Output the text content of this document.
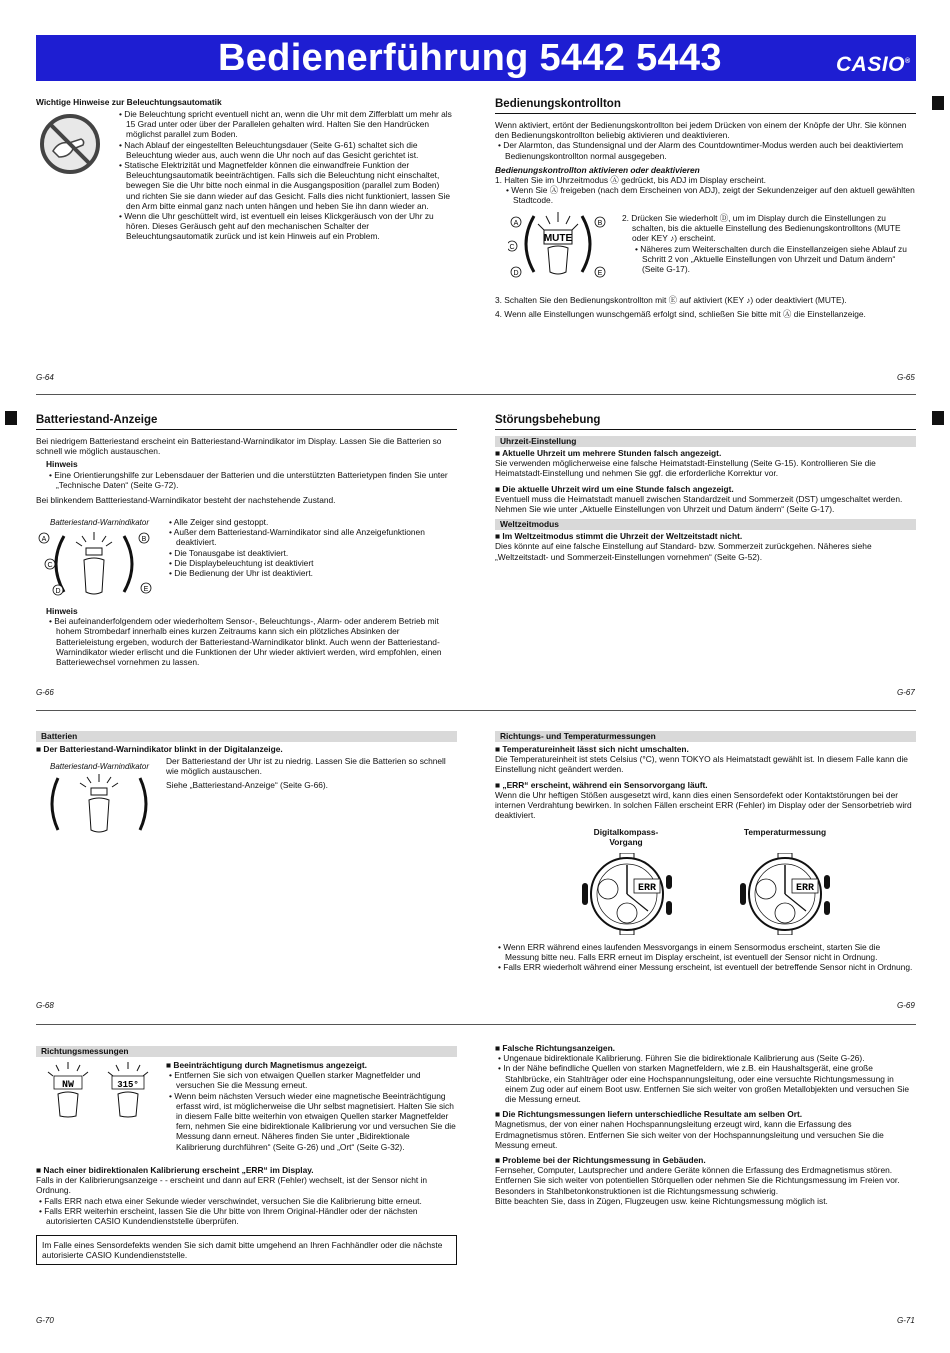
Bedienerführung 5442 5443	CASIO®
Wichtige Hinweise zur Beleuchtungsautomatik

• Die Beleuchtung spricht eventuell nicht an, wenn die Uhr mit dem Zifferblatt um mehr als 15 Grad unter oder über der Parallelen gehalten wird. Halten Sie den Handrücken möglichst parallel zum Boden.

• Nach Ablauf der eingestellten Beleuchtungsdauer (Seite G-61) schaltet sich die Beleuchtung wieder aus, auch wenn die Uhr noch auf das Gesicht gerichtet ist.

• Statische Elektrizität und Magnetfelder können die einwandfreie Funktion der Beleuchtungsautomatik beeinträchtigen. Falls sich die Beleuchtung nicht einschaltet, bewegen Sie die Uhr bitte noch einmal in die Ausgangsposition (parallel zum Boden) und richten Sie sie dann wieder auf das Gesicht. Falls dies nicht funktioniert, lassen Sie den Arm bitte einmal ganz nach unten hängen und heben Sie ihn dann wieder an.

• Wenn die Uhr geschüttelt wird, ist eventuell ein leises Klickgeräusch von der Uhr zu hören. Dieses Geräusch geht auf den mechanischen Schalter der Beleuchtungsautomatik zurück und ist kein Hinweis auf ein Problem.

G-64
Bedienungskontrollton

Wenn aktiviert, ertönt der Bedienungskontrollton bei jedem Drücken von einem der Knöpfe der Uhr. Sie können den Bedienungskontrollton beliebig aktivieren und deaktivieren.

• Der Alarmton, das Stundensignal und der Alarm des Countdowntimer-Modus werden auch bei deaktiviertem Bedienungskontrollton normal ausgegeben.

Bedienungskontrollton aktivieren oder deaktivieren

1. Halten Sie im Uhrzeitmodus Ⓐ gedrückt, bis ADJ im Display erscheint.

• Wenn Sie Ⓐ freigeben (nach dem Erscheinen von ADJ), zeigt der Sekundenzeiger auf den aktuell gewählten Stadtcode.

MUTE
A	B
C
D	E

2. Drücken Sie wiederholt Ⓓ, um im Display durch die Einstellungen zu schalten, bis die aktuelle Einstellung des Bedienungskontrolltons (MUTE oder KEY ♪) erscheint.

• Näheres zum Weiterschalten durch die Einstellanzeigen siehe Ablauf zu Schritt 2 von „Aktuelle Einstellungen von Uhrzeit und Datum ändern“ (Seite G-17).

3. Schalten Sie den Bedienungskontrollton mit Ⓔ auf aktiviert (KEY ♪) oder deaktiviert (MUTE).

4. Wenn alle Einstellungen wunschgemäß erfolgt sind, schließen Sie bitte mit Ⓐ die Einstellanzeige.

G-65
Batteriestand-Anzeige

Bei niedrigem Batteriestand erscheint ein Batteriestand-Warnindikator im Display. Lassen Sie die Batterien so schnell wie möglich austauschen.

Hinweis

• Eine Orientierungshilfe zur Lebensdauer der Batterien und die unterstützten Batterietypen finden Sie unter „Technische Daten“ (Seite G-72).

Bei blinkendem Battteriestand-Warnindikator besteht der nachstehende Zustand.

Batteriestand-Warnindikator
A	B
C
D	E

• Alle Zeiger sind gestoppt.

• Außer dem Batteriestand-Warnindikator sind alle Anzeigefunktionen deaktiviert.

• Die Tonausgabe ist deaktiviert.

• Die Displaybeleuchtung ist deaktiviert

• Die Bedienung der Uhr ist deaktiviert.

Hinweis

• Bei aufeinanderfolgendem oder wiederholtem Sensor-, Beleuchtungs-, Alarm- oder anderem Betrieb mit hohem Strombedarf innerhalb eines kurzen Zeitraums kann sich ein plötzliches Absinken der Batterieleistung ergeben, wodurch der Batteriestand-Warnindikator blinkt. Auch wenn der Batteriestand-Warnindikator wieder erlischt und die Funktionen der Uhr wieder aktiviert werden, wird empfohlen, einen Batteriewechsel vornehmen zu lassen.

G-66
Störungsbehebung
Uhrzeit-Einstellung

■ Aktuelle Uhrzeit um mehrere Stunden falsch angezeigt.

Sie verwenden möglicherweise eine falsche Heimatstadt-Einstellung (Seite G-15). Kontrollieren Sie die Heimatstadt-Einstellung und nehmen Sie ggf. die erforderliche Korrektur vor.

■ Die aktuelle Uhrzeit wird um eine Stunde falsch angezeigt.

Eventuell muss die Heimatstadt manuell zwischen Standardzeit und Sommerzeit (DST) umgeschaltet werden. Nehmen Sie wie unter „Aktuelle Einstellungen von Uhrzeit und Datum ändern“ (Seite G-17).

Weltzeitmodus

■ Im Weltzeitmodus stimmt die Uhrzeit der Weltzeitstadt nicht.

Dies könnte auf eine falsche Einstellung auf Standard- bzw. Sommerzeit zurückgehen. Näheres siehe „Weltzeitstadt- und Sommerzeit-Einstellungen vornehmen“ (Seite G-52).

G-67
Batterien

■ Der Batteriestand-Warnindikator blinkt in der Digitalanzeige.

Batteriestand-Warnindikator

Der Batteriestand der Uhr ist zu niedrig. Lassen Sie die Batterien so schnell wie möglich austauschen.

Siehe „Batteriestand-Anzeige“ (Seite G-66).

G-68
Richtungs- und Temperaturmessungen

■ Temperatureinheit lässt sich nicht umschalten.

Die Temperatureinheit ist stets Celsius (°C), wenn TOKYO als Heimatstadt gewählt ist. In diesem Falle kann die Einstellung nicht geändert werden.

■ „ERR“ erscheint, während ein Sensorvorgang läuft.

Wenn die Uhr heftigen Stößen ausgesetzt wird, kann dies einen Sensordefekt oder Kontaktstörungen bei der internen Verdrahtung bewirken. In solchen Fällen erscheint ERR (Fehler) im Display oder der Sensorbetrieb wird deaktiviert.

Digitalkompass-Vorgang
Temperaturmessung
ERR	ERR

• Wenn ERR während eines laufenden Messvorgangs in einem Sensormodus erscheint, starten Sie die Messung bitte neu. Falls ERR erneut im Display erscheint, ist eventuell der Sensor nicht in Ordnung.

• Falls ERR wiederholt während einer Messung erscheint, ist eventuell der betreffende Sensor nicht in Ordnung.

G-69
Richtungsmessungen
NW	315°

■ Beeinträchtigung durch Magnetismus angezeigt.

• Entfernen Sie sich von etwaigen Quellen starker Magnetfelder und versuchen Sie die Messung erneut.

• Wenn beim nächsten Versuch wieder eine magnetische Beeinträchtigung erfasst wird, ist möglicherweise die Uhr selbst magnetisiert. Halten Sie sich in diesem Falle bitte weiterhin von etwaigen Quellen starker Magnetfelder fern, nehmen Sie eine bidirektionale Kalibrierung vor und versuchen Sie die Messung dann erneut. Näheres finden Sie unter „Bidirektionale Kalibrierung durchführen“ (Seite G-26) und „Ort“ (Seite G-32).

■ Nach einer bidirektionalen Kalibrierung erscheint „ERR“ im Display.

Falls in der Kalibrierungsanzeige - - erscheint und dann auf ERR (Fehler) wechselt, ist der Sensor nicht in Ordnung.

• Falls ERR nach etwa einer Sekunde wieder verschwindet, versuchen Sie die Kalibrierung bitte erneut.

• Falls ERR weiterhin erscheint, lassen Sie die Uhr bitte von Ihrem Original-Händler oder der nächsten autorisierten CASIO Kundendienststelle überprüfen.

Im Falle eines Sensordefekts wenden Sie sich damit bitte umgehend an Ihren Fachhändler oder die nächste autorisierte CASIO Kundendienststelle.

G-70

■ Falsche Richtungsanzeigen.

• Ungenaue bidirektionale Kalibrierung. Führen Sie die bidirektionale Kalibrierung aus (Seite G-26).

• In der Nähe befindliche Quellen von starken Magnetfeldern, wie z.B. ein Haushaltsgerät, eine große Stahlbrücke, ein Stahlträger oder eine Hochspannungsleitung, oder eine versuchte Richtungsmessung in einem Zug oder auf einem Boot usw. Entfernen Sie sich weiter von großen Metallobjekten und versuchen Sie die Messung erneut.

■ Die Richtungsmessungen liefern unterschiedliche Resultate am selben Ort.

Magnetismus, der von einer nahen Hochspannungsleitung erzeugt wird, kann die Erfassung des Erdmagnetismus stören. Entfernen Sie sich weiter von der Hochspannungsleitung und versuchen Sie die Messung erneut.

■ Probleme bei der Richtungsmessung in Gebäuden.

Fernseher, Computer, Lautsprecher und andere Geräte können die Erfassung des Erdmagnetismus stören. Entfernen Sie sich weiter von potentiellen Störquellen oder nehmen Sie die Richtungsmessung im Freien vor. Besonders in Stahlbetonkonstruktionen ist die Richtungsmessung schwierig.

Bitte beachten Sie, dass in Zügen, Flugzeugen usw. keine Richtungsmessung möglich ist.

G-71
